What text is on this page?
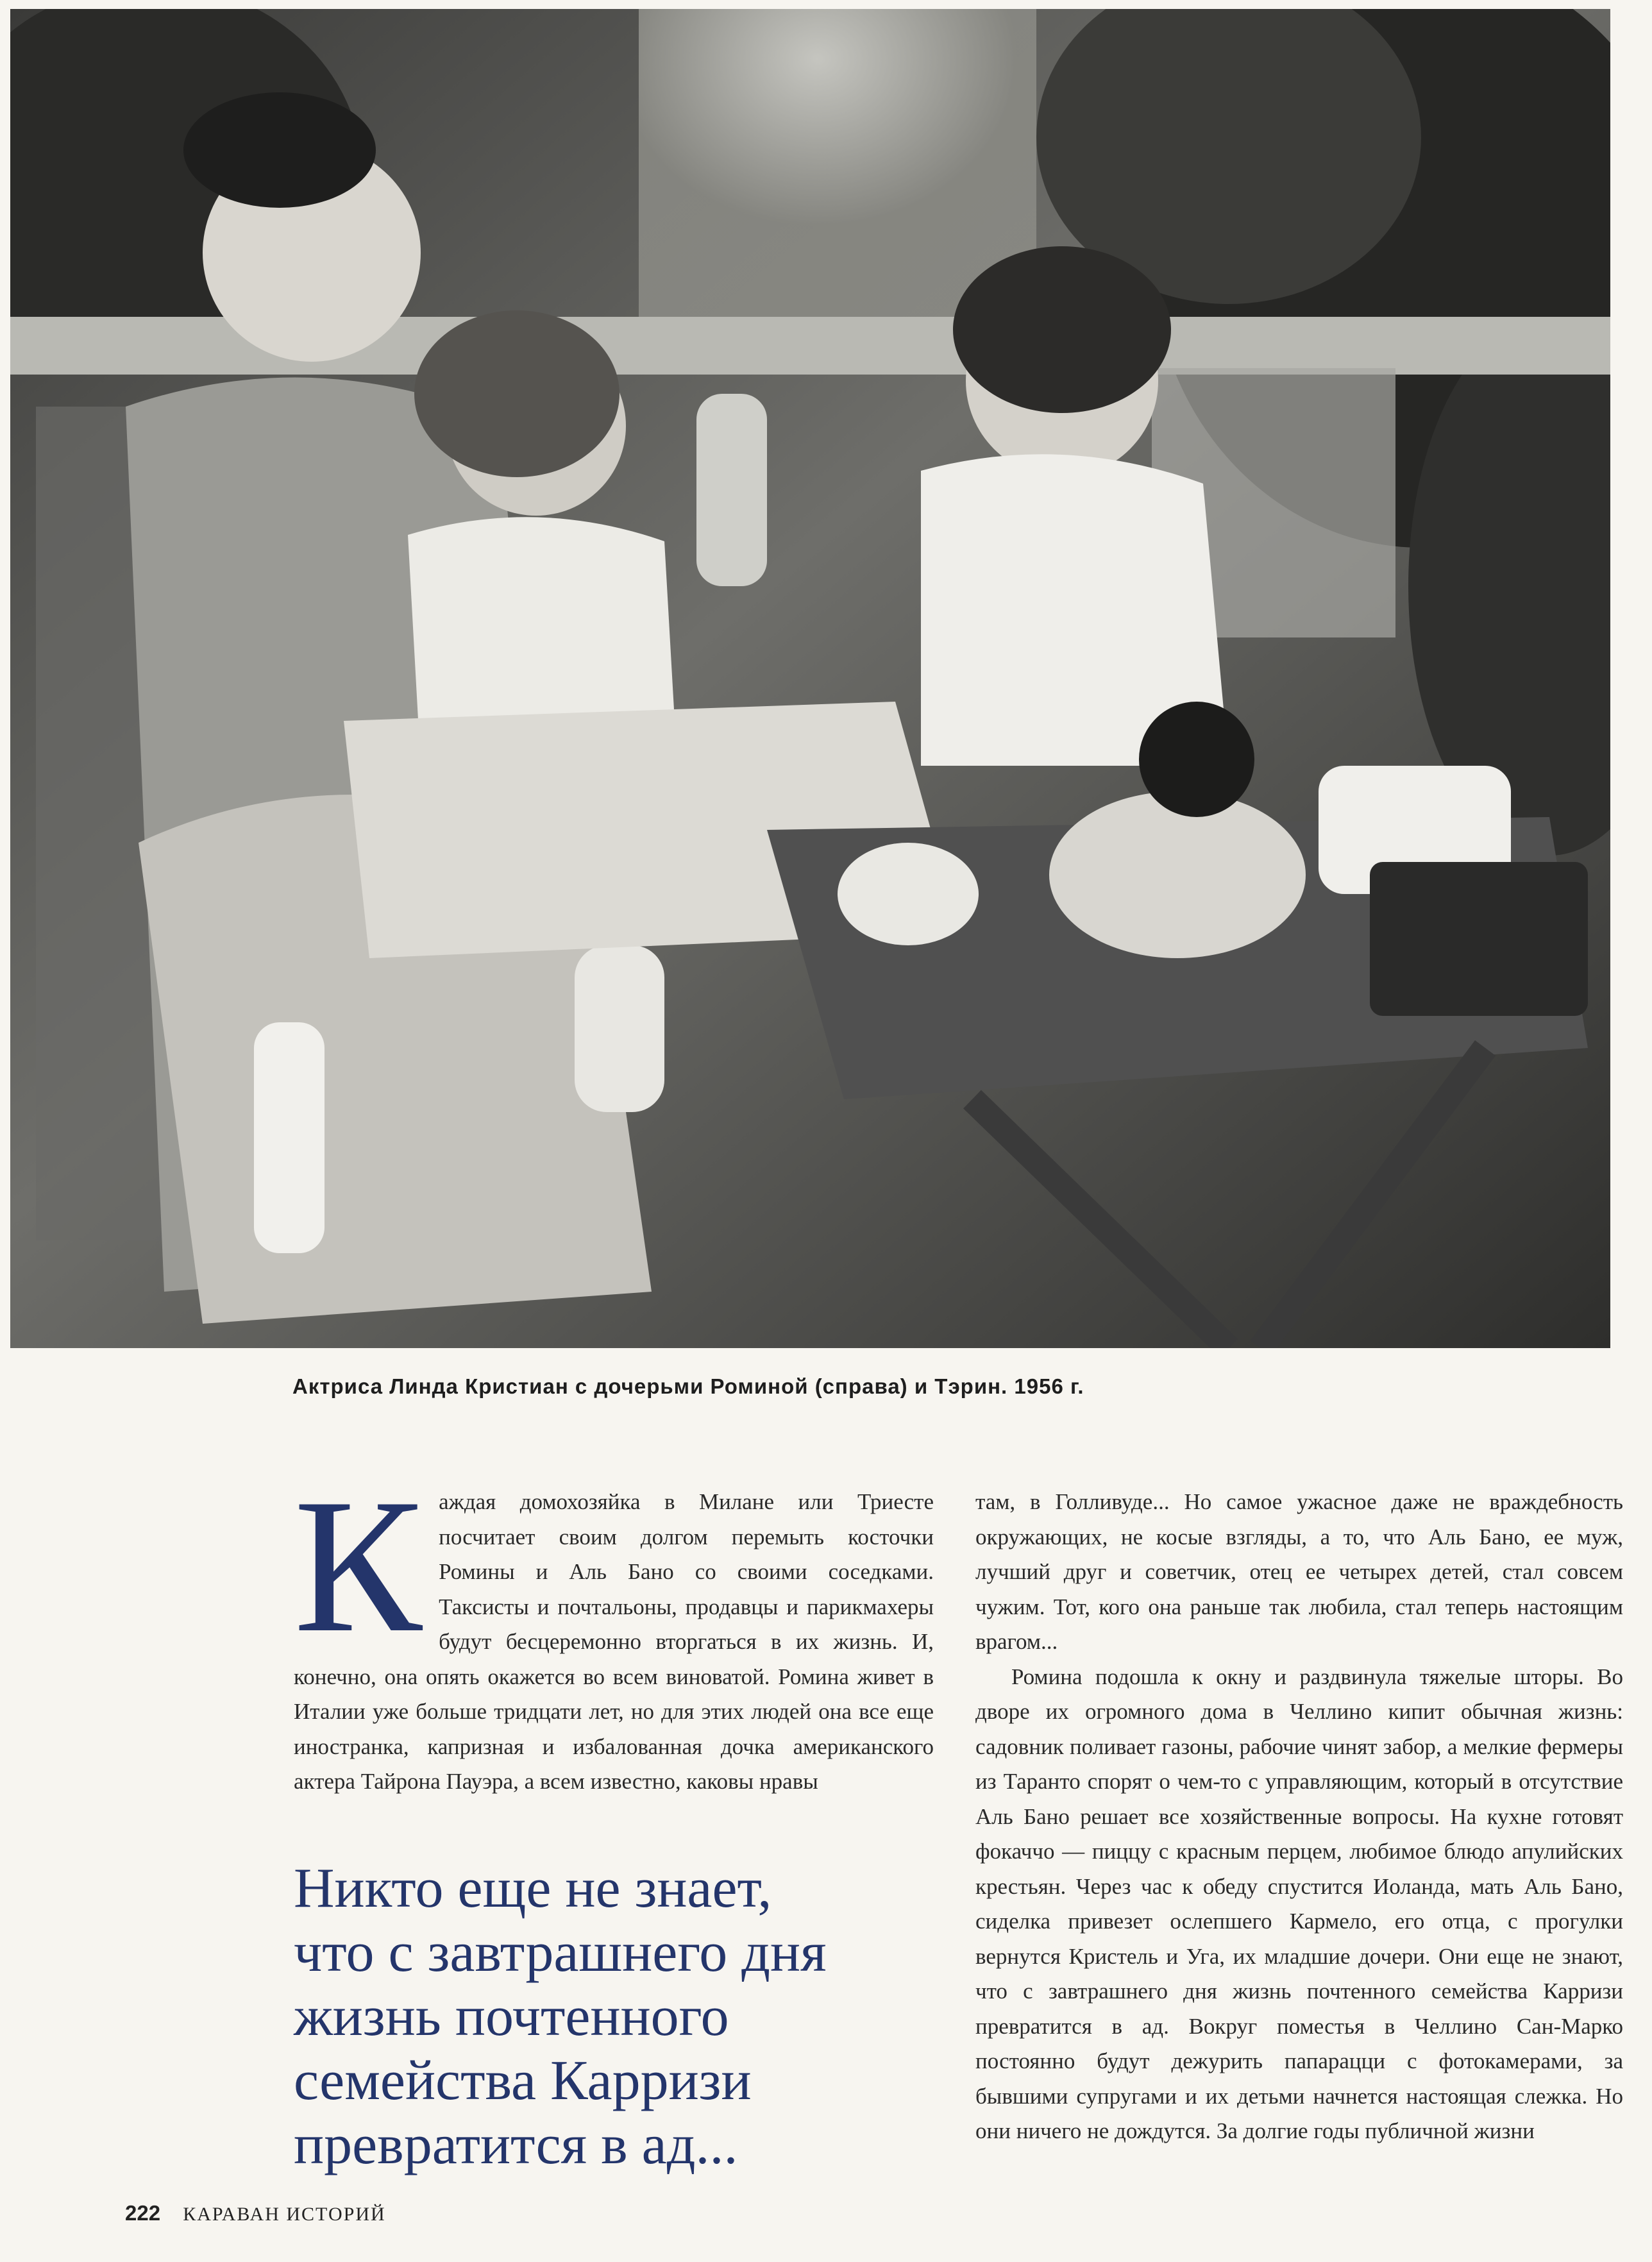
Актриса Линда Кристиан с дочерьми Роминой (справа) и Тэрин. 1956 г.
К аждая домохозяйка в Милане или Триесте посчитает своим долгом перемыть косточки Ромины и Аль Бано со своими соседками. Таксисты и почтальоны, продавцы и парикмахеры будут бесцеремонно вторгаться в их жизнь. И, конечно, она опять окажется во всем виноватой. Ромина живет в Италии уже больше тридцати лет, но для этих людей она все еще иностранка, капризная и избалованная дочка американского актера Тайрона Пауэра, а всем известно, каковы нравы

Никто еще не знает,
что с завтрашнего дня
жизнь почтенного
семейства Карризи
превратится в ад...

там, в Голливуде... Но самое ужасное даже не враждебность окружающих, не косые взгляды, а то, что Аль Бано, ее муж, лучший друг и советчик, отец ее четырех детей, стал совсем чужим. Тот, кого она раньше так любила, стал теперь настоящим врагом...

Ромина подошла к окну и раздвинула тяжелые шторы. Во дворе их огромного дома в Челлино кипит обычная жизнь: садовник поливает газоны, рабочие чинят забор, а мелкие фермеры из Таранто спорят о чем-то с управляющим, который в отсутствие Аль Бано решает все хозяйственные вопросы. На кухне готовят фокаччо — пиццу с красным перцем, любимое блюдо апулийских крестьян. Через час к обеду спустится Иоланда, мать Аль Бано, сиделка привезет ослепшего Кармело, его отца, с прогулки вернутся Кристель и Уга, их младшие дочери. Они еще не знают, что с завтрашнего дня жизнь почтенного семейства Карризи превратится в ад. Вокруг поместья в Челлино Сан-Марко постоянно будут дежурить папарацци с фотокамерами, за бывшими супругами и их детьми начнется настоящая слежка. Но они ничего не дождутся. За долгие годы публичной жизни

222 КАРАВАН ИСТОРИЙ
